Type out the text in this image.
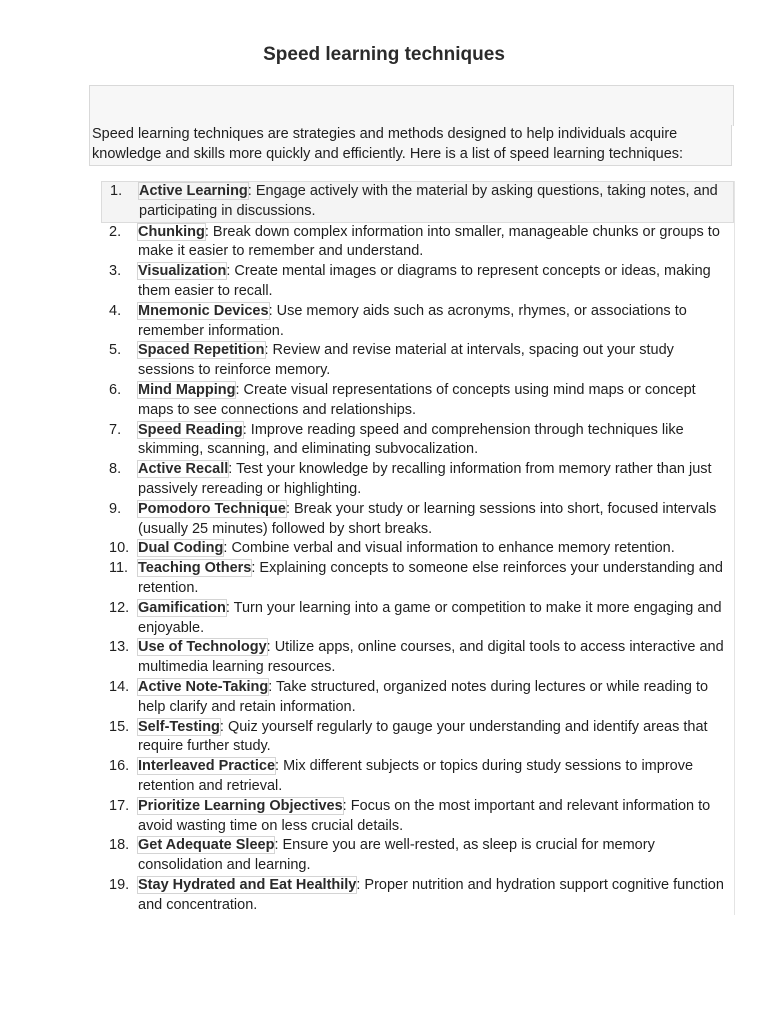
Speed learning techniques
Speed learning techniques are strategies and methods designed to help individuals acquire knowledge and skills more quickly and efficiently. Here is a list of speed learning techniques:
1.	Active Learning: Engage actively with the material by asking questions, taking notes, and participating in discussions.
2.	Chunking: Break down complex information into smaller, manageable chunks or groups to make it easier to remember and understand.
3.	Visualization: Create mental images or diagrams to represent concepts or ideas, making them easier to recall.
4.	Mnemonic Devices: Use memory aids such as acronyms, rhymes, or associations to remember information.
5.	Spaced Repetition: Review and revise material at intervals, spacing out your study sessions to reinforce memory.
6.	Mind Mapping: Create visual representations of concepts using mind maps or concept maps to see connections and relationships.
7.	Speed Reading: Improve reading speed and comprehension through techniques like skimming, scanning, and eliminating subvocalization.
8.	Active Recall: Test your knowledge by recalling information from memory rather than just passively rereading or highlighting.
9.	Pomodoro Technique: Break your study or learning sessions into short, focused intervals (usually 25 minutes) followed by short breaks.
10. Dual Coding: Combine verbal and visual information to enhance memory retention.
11. Teaching Others: Explaining concepts to someone else reinforces your understanding and retention.
12. Gamification: Turn your learning into a game or competition to make it more engaging and enjoyable.
13. Use of Technology: Utilize apps, online courses, and digital tools to access interactive and multimedia learning resources.
14. Active Note-Taking: Take structured, organized notes during lectures or while reading to help clarify and retain information.
15. Self-Testing: Quiz yourself regularly to gauge your understanding and identify areas that require further study.
16. Interleaved Practice: Mix different subjects or topics during study sessions to improve retention and retrieval.
17. Prioritize Learning Objectives: Focus on the most important and relevant information to avoid wasting time on less crucial details.
18. Get Adequate Sleep: Ensure you are well-rested, as sleep is crucial for memory consolidation and learning.
19. Stay Hydrated and Eat Healthily: Proper nutrition and hydration support cognitive function and concentration.
